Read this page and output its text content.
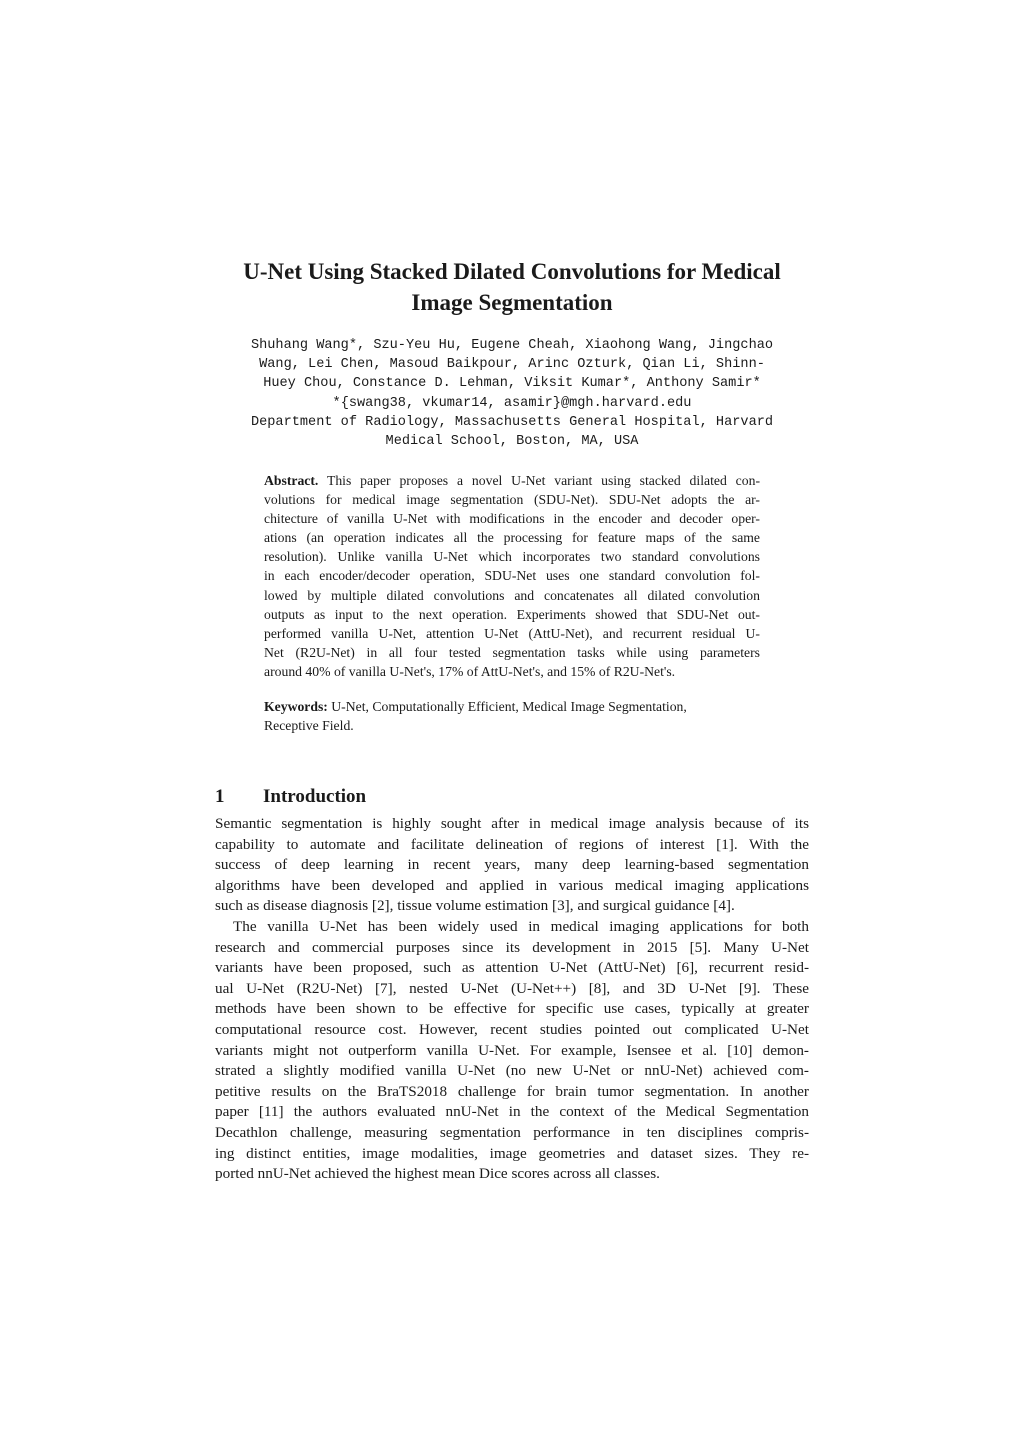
U-Net Using Stacked Dilated Convolutions for Medical
Image Segmentation
Shuhang Wang*, Szu-Yeu Hu, Eugene Cheah, Xiaohong Wang, Jingchao
Wang, Lei Chen, Masoud Baikpour, Arinc Ozturk, Qian Li, Shinn-
Huey Chou, Constance D. Lehman, Viksit Kumar*, Anthony Samir*
*{swang38, vkumar14, asamir}@mgh.harvard.edu
Department of Radiology, Massachusetts General Hospital, Harvard
Medical School, Boston, MA, USA
Abstract. This paper proposes a novel U-Net variant using stacked dilated con-
volutions for medical image segmentation (SDU-Net). SDU-Net adopts the ar-
chitecture of vanilla U-Net with modifications in the encoder and decoder oper-
ations (an operation indicates all the processing for feature maps of the same
resolution). Unlike vanilla U-Net which incorporates two standard convolutions
in each encoder/decoder operation, SDU-Net uses one standard convolution fol-
lowed by multiple dilated convolutions and concatenates all dilated convolution
outputs as input to the next operation. Experiments showed that SDU-Net out-
performed vanilla U-Net, attention U-Net (AttU-Net), and recurrent residual U-
Net (R2U-Net) in all four tested segmentation tasks while using parameters
around 40% of vanilla U-Net's, 17% of AttU-Net's, and 15% of R2U-Net's.
Keywords: U-Net, Computationally Efficient, Medical Image Segmentation,
Receptive Field.
1 Introduction
Semantic segmentation is highly sought after in medical image analysis because of its
capability to automate and facilitate delineation of regions of interest [1]. With the
success of deep learning in recent years, many deep learning-based segmentation
algorithms have been developed and applied in various medical imaging applications
such as disease diagnosis [2], tissue volume estimation [3], and surgical guidance [4].
The vanilla U-Net has been widely used in medical imaging applications for both
research and commercial purposes since its development in 2015 [5]. Many U-Net
variants have been proposed, such as attention U-Net (AttU-Net) [6], recurrent resid-
ual U-Net (R2U-Net) [7], nested U-Net (U-Net++) [8], and 3D U-Net [9]. These
methods have been shown to be effective for specific use cases, typically at greater
computational resource cost. However, recent studies pointed out complicated U-Net
variants might not outperform vanilla U-Net. For example, Isensee et al. [10] demon-
strated a slightly modified vanilla U-Net (no new U-Net or nnU-Net) achieved com-
petitive results on the BraTS2018 challenge for brain tumor segmentation. In another
paper [11] the authors evaluated nnU-Net in the context of the Medical Segmentation
Decathlon challenge, measuring segmentation performance in ten disciplines compris-
ing distinct entities, image modalities, image geometries and dataset sizes. They re-
ported nnU-Net achieved the highest mean Dice scores across all classes.
